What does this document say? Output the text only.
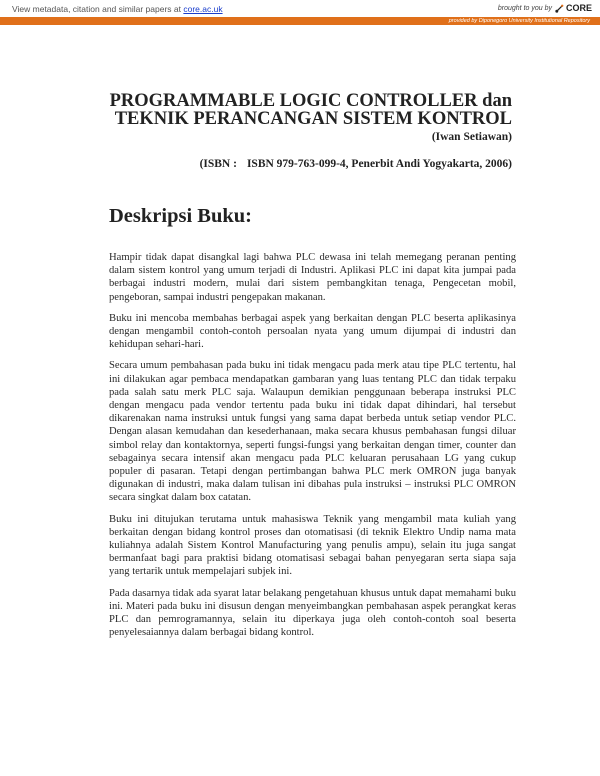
View metadata, citation and similar papers at core.ac.uk	brought to you by CORE
provided by Diponegoro University Institutional Repository
PROGRAMMABLE LOGIC CONTROLLER dan
TEKNIK PERANCANGAN SISTEM KONTROL
(Iwan Setiawan)
(ISBN : ISBN 979-763-099-4, Penerbit Andi Yogyakarta, 2006)
Deskripsi Buku:

Hampir tidak dapat disangkal lagi bahwa PLC dewasa ini telah memegang peranan penting dalam sistem kontrol yang umum terjadi di Industri. Aplikasi PLC ini dapat kita jumpai pada berbagai industri modern, mulai dari sistem pembangkitan tenaga, Pengecetan mobil, pengeboran, sampai industri pengepakan makanan.

Buku ini mencoba membahas berbagai aspek yang berkaitan dengan PLC beserta aplikasinya dengan mengambil contoh-contoh persoalan nyata yang umum dijumpai di industri dan kehidupan sehari-hari.

Secara umum pembahasan pada buku ini tidak mengacu pada merk atau tipe PLC tertentu, hal ini dilakukan agar pembaca mendapatkan gambaran yang luas tentang PLC dan tidak terpaku pada salah satu merk PLC saja. Walaupun demikian penggunaan beberapa instruksi PLC dengan mengacu pada vendor tertentu pada buku ini tidak dapat dihindari, hal tersebut dikarenakan nama instruksi untuk fungsi yang sama dapat berbeda untuk setiap vendor PLC. Dengan alasan kemudahan dan kesederhanaan, maka secara khusus pembahasan fungsi diluar simbol relay dan kontaktornya, seperti fungsi-fungsi yang berkaitan dengan timer, counter dan sebagainya secara intensif akan mengacu pada PLC keluaran perusahaan LG yang cukup populer di pasaran. Tetapi dengan pertimbangan bahwa PLC merk OMRON juga banyak digunakan di industri, maka dalam tulisan ini dibahas pula instruksi – instruksi PLC OMRON secara singkat dalam box catatan.

Buku ini ditujukan terutama untuk mahasiswa Teknik yang mengambil mata kuliah yang berkaitan dengan bidang kontrol proses dan otomatisasi (di teknik Elektro Undip nama mata kuliahnya adalah Sistem Kontrol Manufacturing yang penulis ampu), selain itu juga sangat bermanfaat bagi para praktisi bidang otomatisasi sebagai bahan penyegaran serta siapa saja yang tertarik untuk mempelajari subjek ini.

Pada dasarnya tidak ada syarat latar belakang pengetahuan khusus untuk dapat memahami buku ini. Materi pada buku ini disusun dengan menyeimbangkan pembahasan aspek perangkat keras PLC dan pemrogramannya, selain itu diperkaya juga oleh contoh-contoh soal beserta penyelesaiannya dalam berbagai bidang kontrol.
